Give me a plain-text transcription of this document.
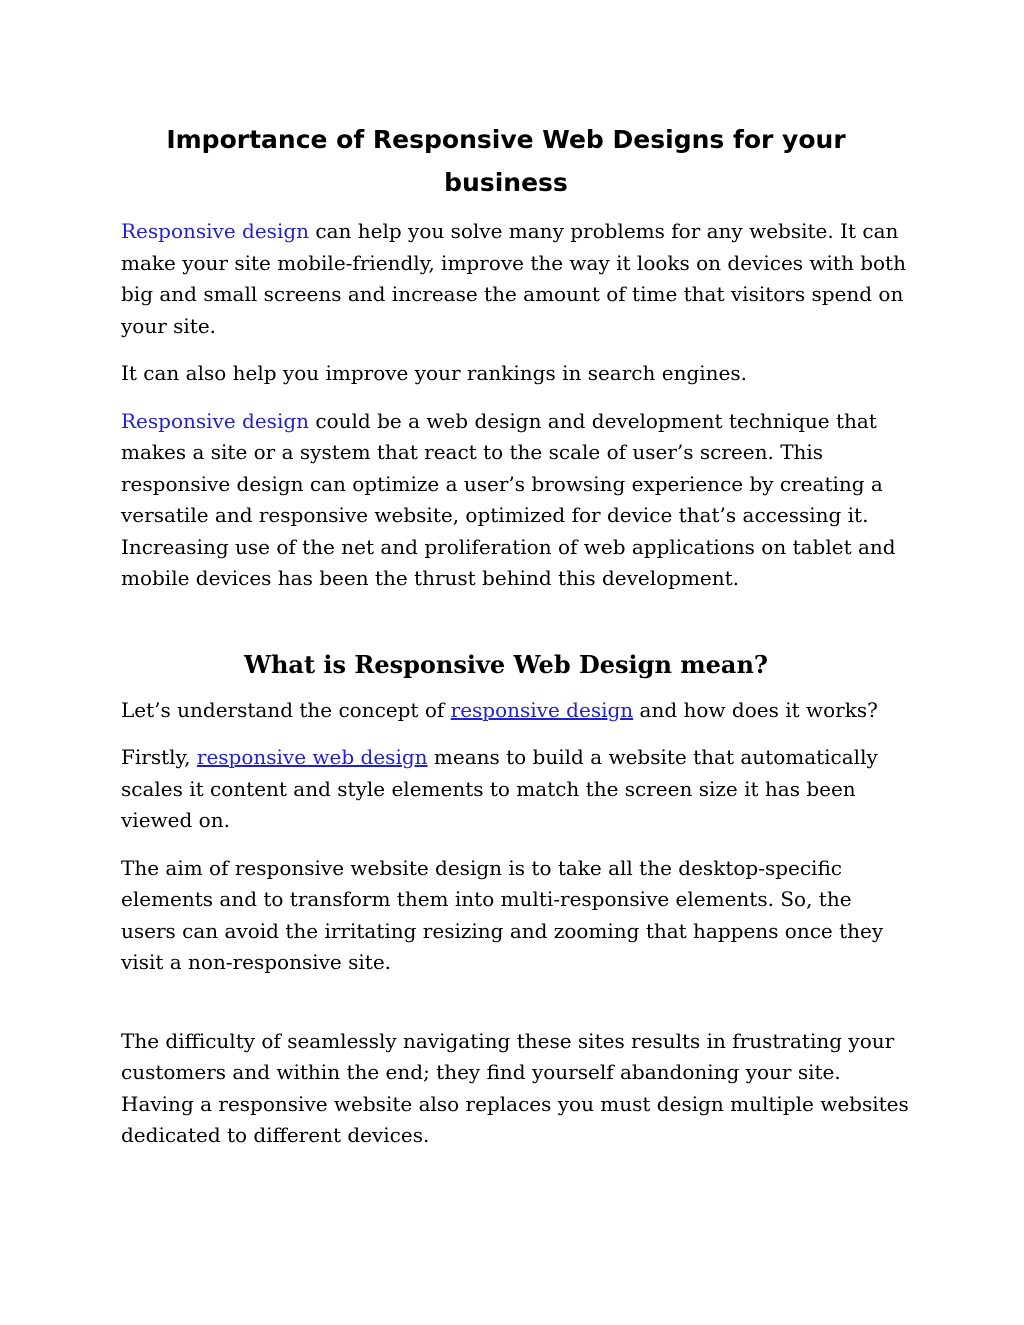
Importance of Responsive Web Designs for your business

Responsive design can help you solve many problems for any website. It can make your site mobile-friendly, improve the way it looks on devices with both big and small screens and increase the amount of time that visitors spend on your site.

It can also help you improve your rankings in search engines.

Responsive design could be a web design and development technique that makes a site or a system that react to the scale of user’s screen. This responsive design can optimize a user’s browsing experience by creating a versatile and responsive website, optimized for device that’s accessing it. Increasing use of the net and proliferation of web applications on tablet and mobile devices has been the thrust behind this development.

What is Responsive Web Design mean?

Let’s understand the concept of responsive design and how does it works?

Firstly, responsive web design means to build a website that automatically scales it content and style elements to match the screen size it has been viewed on.

The aim of responsive website design is to take all the desktop-specific elements and to transform them into multi-responsive elements. So, the users can avoid the irritating resizing and zooming that happens once they visit a non-responsive site.

The difficulty of seamlessly navigating these sites results in frustrating your customers and within the end; they find yourself abandoning your site. Having a responsive website also replaces you must design multiple websites dedicated to different devices.
